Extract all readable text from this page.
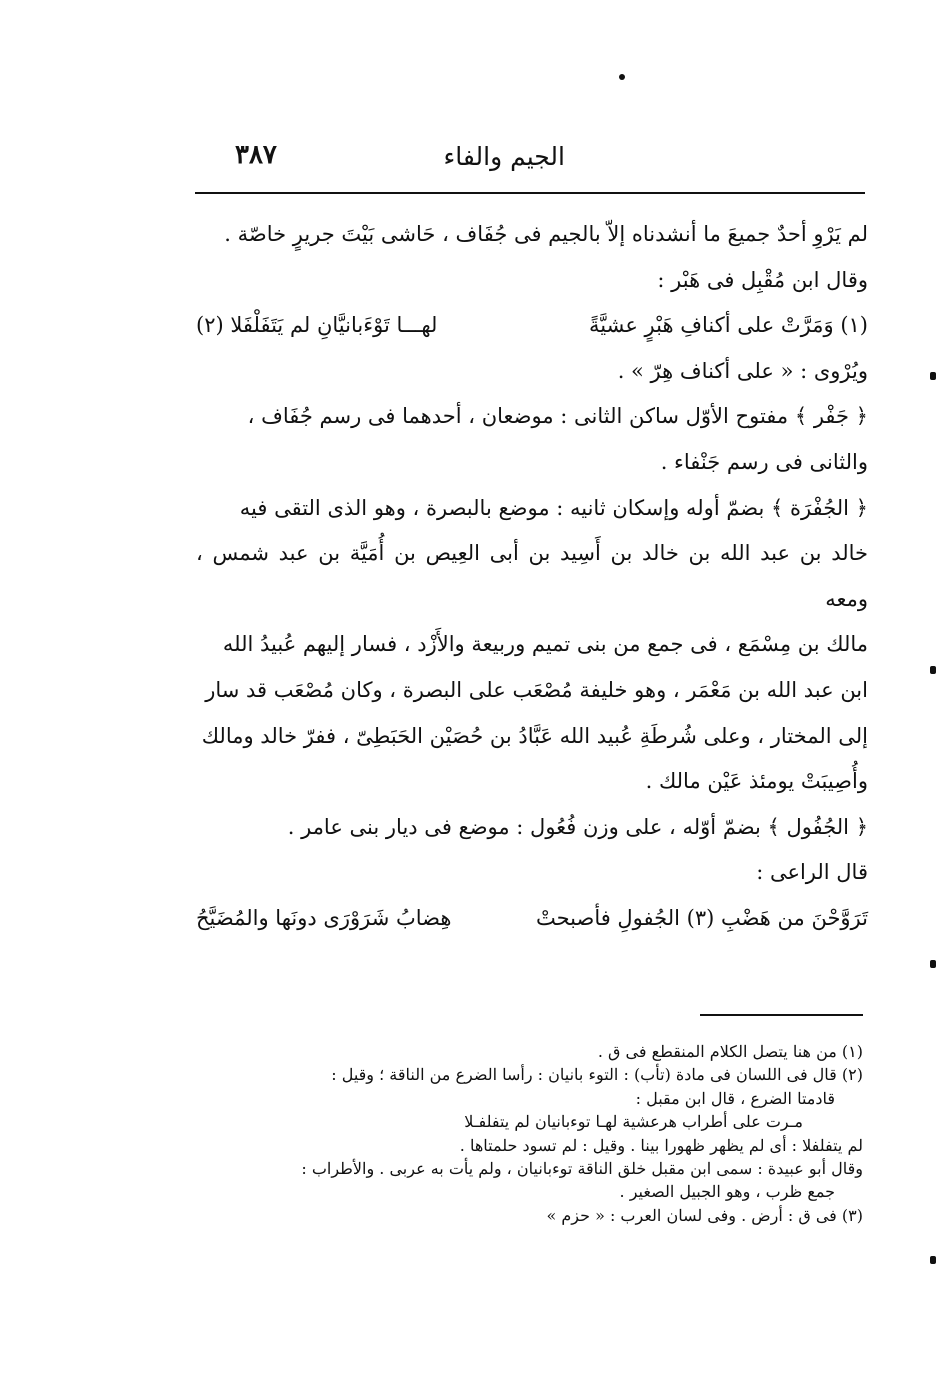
الجيم والفاء
٣٨٧

لم يَرْوِ أحدٌ جميعَ ما أنشدناه إلاّ بالجيم فى جُفَاف ، حَاشى بَيْتَ جريرٍ خاصّة .

وقال ابن مُقْبِل فى هَبْر :

(١) وَمَرَّتْ على أكنافِ هَبْرٍ عشيَّةً
لهـــا تَوْءَبانيَّانِ لم يَتَفَلْفَلا (٢)

ويُرْوى : « على أكناف هِرّ » .

﴿ جَفْر ﴾ مفتوح الأوّل ساكن الثانى : موضعان ، أحدهما فى رسم جُفَاف ،

والثانى فى رسم جَنْفاء .

﴿ الجُفْرَة ﴾ بضمّ أوله وإسكان ثانيه : موضع بالبصرة ، وهو الذى التقى فيه

خالد بن عبد الله بن خالد بن أَسِيد بن أبى العِيص بن أُمَيَّة بن عبد شمس ، ومعه

مالك بن مِسْمَع ، فى جمع من بنى تميم وربيعة والأَزْد ، فسار إليهم عُبيدُ الله

ابن عبد الله بن مَعْمَر ، وهو خليفة مُصْعَب على البصرة ، وكان مُصْعَب قد سار

إلى المختار ، وعلى شُرطَةِ عُبيد الله عَبَّادُ بن حُصَيْن الحَبَطِىّ ، ففرّ خالد ومالك

وأُصِيبَتْ يومئذ عَيْن مالك .

﴿ الجُفُول ﴾ بضمّ أوّله ، على وزن فُعُول : موضع فى ديار بنى عامر .

قال الراعى :

تَرَوَّحْنَ من هَضْبِ (٣) الجُفولِ فأصبحتْ
هِضابُ شَرَوْرَى دونَها والمُضَيَّحُ

(١) من هنا يتصل الكلام المنقطع فى ق .

(٢) قال فى اللسان فى مادة (تأب) : التوء بانيان : رأسا الضرع من الناقة ؛ وقيل :

قادمتا الضرع ، قال ابن مقبل :

مـرت على أطراب هرعشية لهـا توءبانيان لم يتفلفـلا

لم يتفلفلا : أى لم يظهر ظهورا بينا . وقيل : لم تسود حلمتاها .

وقال أبو عبيدة : سمى ابن مقبل خلق الناقة توءبانيان ، ولم يأت به عربى . والأطراب :

جمع ظرب ، وهو الجبيل الصغير .

(٣) فى ق : أرض . وفى لسان العرب : « حزم »
